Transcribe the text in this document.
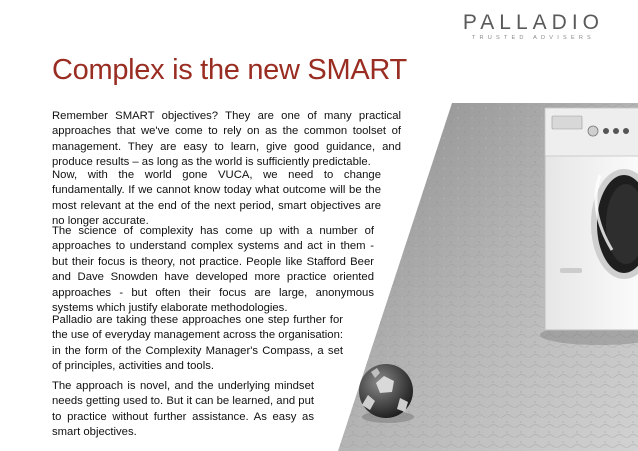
PALLADIO
TRUSTED ADVISERS
Complex is the new SMART

Remember SMART objectives? They are one of many practical approaches that we've come to rely on as the common toolset of management. They are easy to learn, give good guidance, and produce results – as long as the world is sufficiently predictable.

Now, with the world gone VUCA, we need to change fundamentally. If we cannot know today what outcome will be the most relevant at the end of the next period, smart objectives are no longer accurate.

The science of complexity has come up with a number of approaches to understand complex systems and act in them - but their focus is theory, not practice. People like Stafford Beer and Dave Snowden have developed more practice oriented approaches - but often their focus are large, anonymous systems which justify elaborate methodologies.

Palladio are taking these approaches one step further for the use of everyday management across the organisation: in the form of the Complexity Manager's Compass, a set of principles, activities and tools.

The approach is novel, and the underlying mindset needs getting used to. But it can be learned, and put to practice without further assistance. As easy as smart objectives.
